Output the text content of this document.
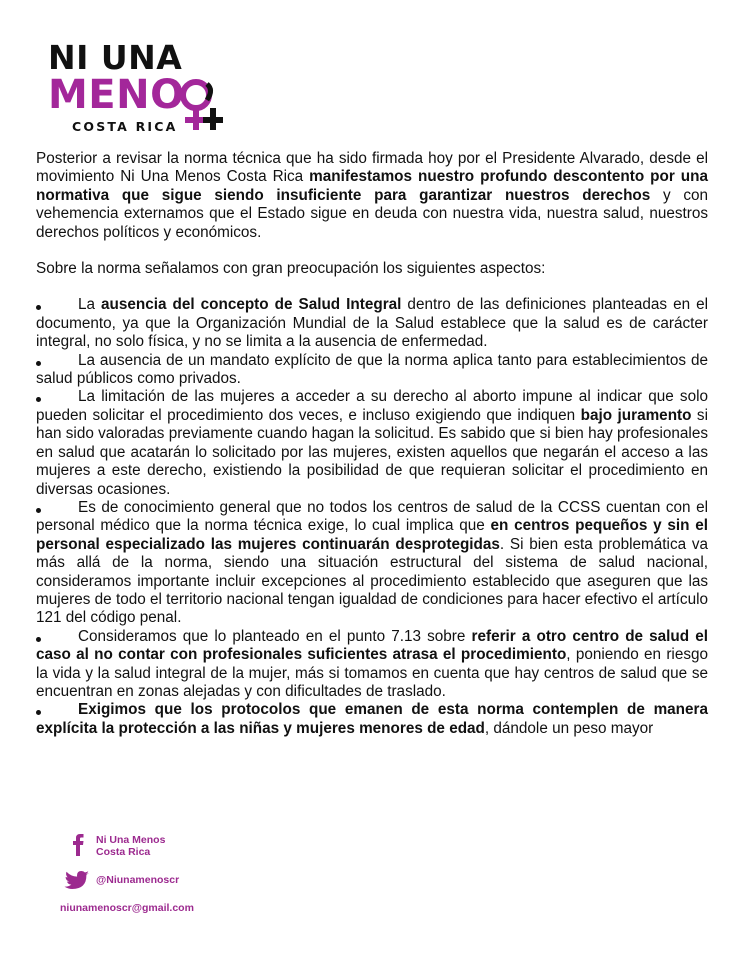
NI UNA
MENO
COSTA RICA

Posterior a revisar la norma técnica que ha sido firmada hoy por el Presidente Alvarado, desde el movimiento Ni Una Menos Costa Rica manifestamos nuestro profundo descontento por una normativa que sigue siendo insuficiente para garantizar nuestros derechos y con vehemencia externamos que el Estado sigue en deuda con nuestra vida, nuestra salud, nuestros derechos políticos y económicos.

Sobre la norma señalamos con gran preocupación los siguientes aspectos:

La ausencia del concepto de Salud Integral dentro de las definiciones planteadas en el documento, ya que la Organización Mundial de la Salud establece que la salud es de carácter integral, no solo física, y no se limita a la ausencia de enfermedad.
La ausencia de un mandato explícito de que la norma aplica tanto para establecimientos de salud públicos como privados.
La limitación de las mujeres a acceder a su derecho al aborto impune al indicar que solo pueden solicitar el procedimiento dos veces, e incluso exigiendo que indiquen bajo juramento si han sido valoradas previamente cuando hagan la solicitud. Es sabido que si bien hay profesionales en salud que acatarán lo solicitado por las mujeres, existen aquellos que negarán el acceso a las mujeres a este derecho, existiendo la posibilidad de que requieran solicitar el procedimiento en diversas ocasiones.
Es de conocimiento general que no todos los centros de salud de la CCSS cuentan con el personal médico que la norma técnica exige, lo cual implica que en centros pequeños y sin el personal especializado las mujeres continuarán desprotegidas. Si bien esta problemática va más allá de la norma, siendo una situación estructural del sistema de salud nacional, consideramos importante incluir excepciones al procedimiento establecido que aseguren que las mujeres de todo el territorio nacional tengan igualdad de condiciones para hacer efectivo el artículo 121 del código penal.
Consideramos que lo planteado en el punto 7.13 sobre referir a otro centro de salud el caso al no contar con profesionales suficientes atrasa el procedimiento, poniendo en riesgo la vida y la salud integral de la mujer, más si tomamos en cuenta que hay centros de salud que se encuentran en zonas alejadas y con dificultades de traslado.
Exigimos que los protocolos que emanen de esta norma contemplen de manera explícita la protección a las niñas y mujeres menores de edad, dándole un peso mayor
Ni Una Menos
Costa Rica
@Niunamenoscr
niunamenoscr@gmail.com
